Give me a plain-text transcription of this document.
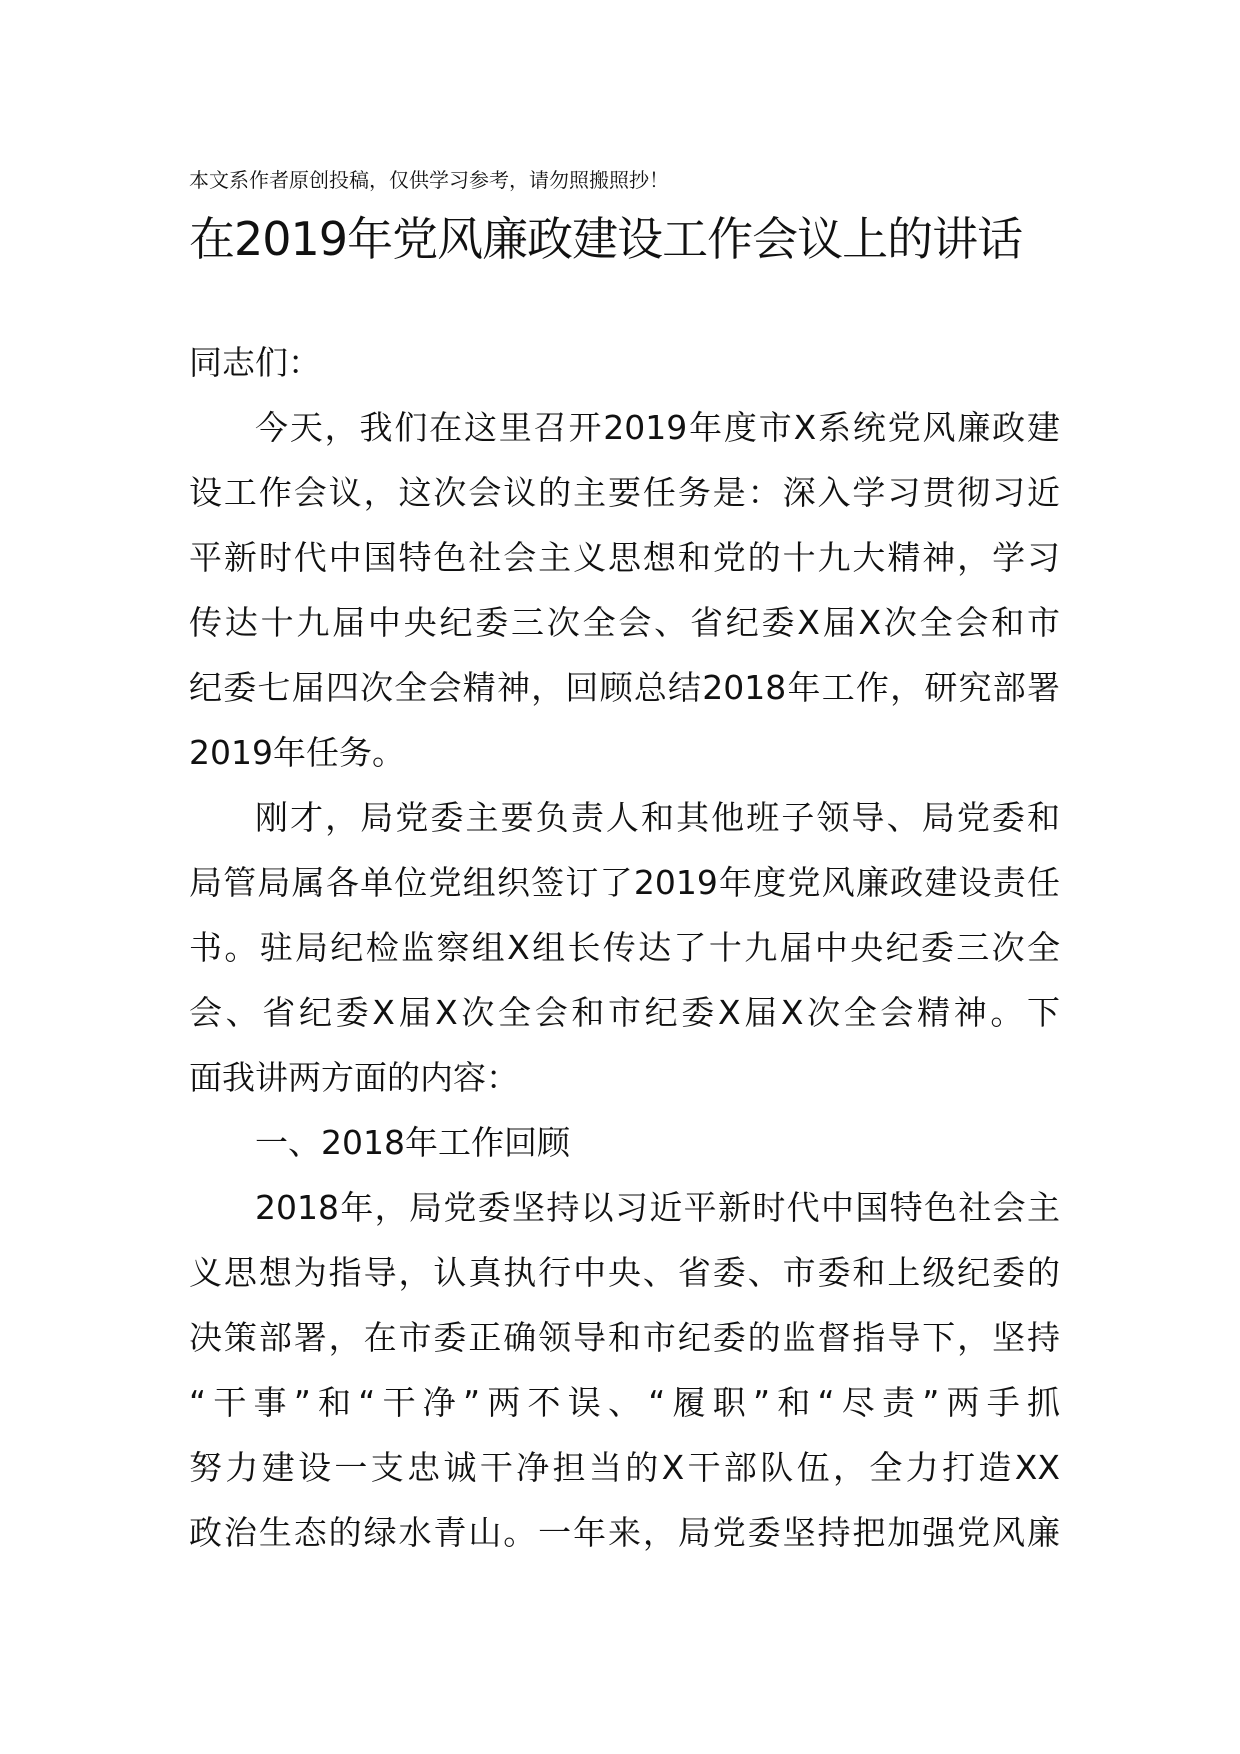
本文系作者原创投稿，仅供学习参考，请勿照搬照抄！
在2019年党风廉政建设工作会议上的讲话
同志们：
今天，我们在这里召开2019年度市X系统党风廉政建
设工作会议，这次会议的主要任务是：深入学习贯彻习近
平新时代中国特色社会主义思想和党的十九大精神，学习
传达十九届中央纪委三次全会、省纪委X届X次全会和市
纪委七届四次全会精神，回顾总结2018年工作，研究部署
2019年任务。
刚才，局党委主要负责人和其他班子领导、局党委和
局管局属各单位党组织签订了2019年度党风廉政建设责任
书。驻局纪检监察组X组长传达了十九届中央纪委三次全
会、省纪委X届X次全会和市纪委X届X次全会精神。下
面我讲两方面的内容：
一、2018年工作回顾
2018年，局党委坚持以习近平新时代中国特色社会主
义思想为指导，认真执行中央、省委、市委和上级纪委的
决策部署，在市委正确领导和市纪委的监督指导下，坚持
“干事”和“干净”两不误、“履职”和“尽责”两手抓
努力建设一支忠诚干净担当的X干部队伍，全力打造XX
政治生态的绿水青山。一年来，局党委坚持把加强党风廉
